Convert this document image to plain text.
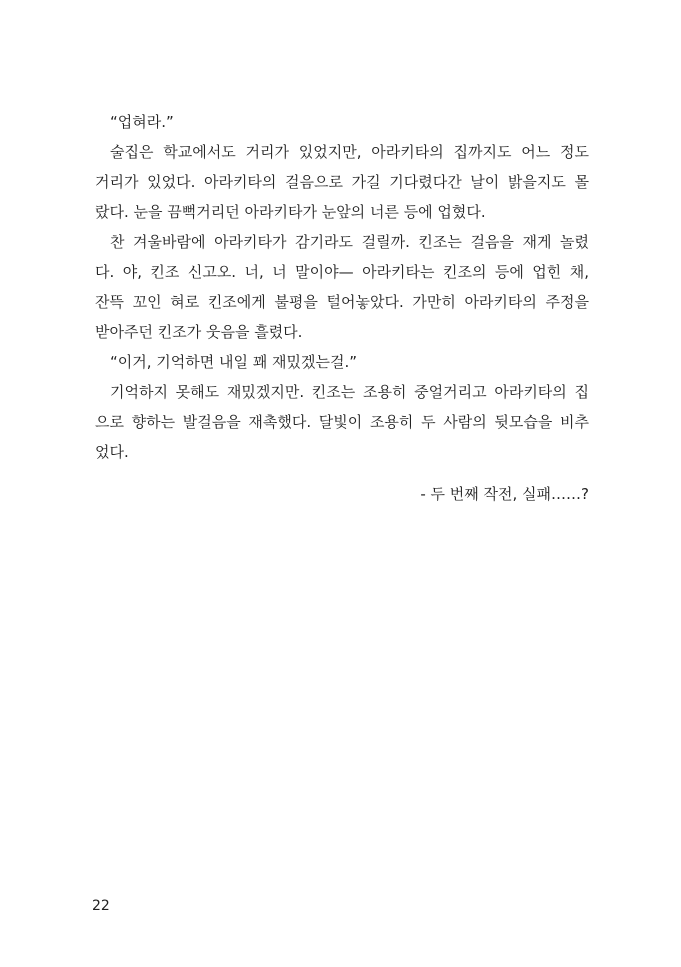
“업혀라.”
술집은 학교에서도 거리가 있었지만, 아라키타의 집까지도 어느 정도
거리가 있었다. 아라키타의 걸음으로 가길 기다렸다간 날이 밝을지도 몰
랐다. 눈을 끔뻑거리던 아라키타가 눈앞의 너른 등에 업혔다.
찬 겨울바람에 아라키타가 감기라도 걸릴까. 킨조는 걸음을 재게 놀렸
다. 야, 킨조 신고오. 너, 너 말이야— 아라키타는 킨조의 등에 업힌 채,
잔뜩 꼬인 혀로 킨조에게 불평을 털어놓았다. 가만히 아라키타의 주정을
받아주던 킨조가 웃음을 흘렸다.
“이거, 기억하면 내일 꽤 재밌겠는걸.”
기억하지 못해도 재밌겠지만. 킨조는 조용히 중얼거리고 아라키타의 집
으로 향하는 발걸음을 재촉했다. 달빛이 조용히 두 사람의 뒷모습을 비추
었다.
- 두 번째 작전, 실패……?
22
